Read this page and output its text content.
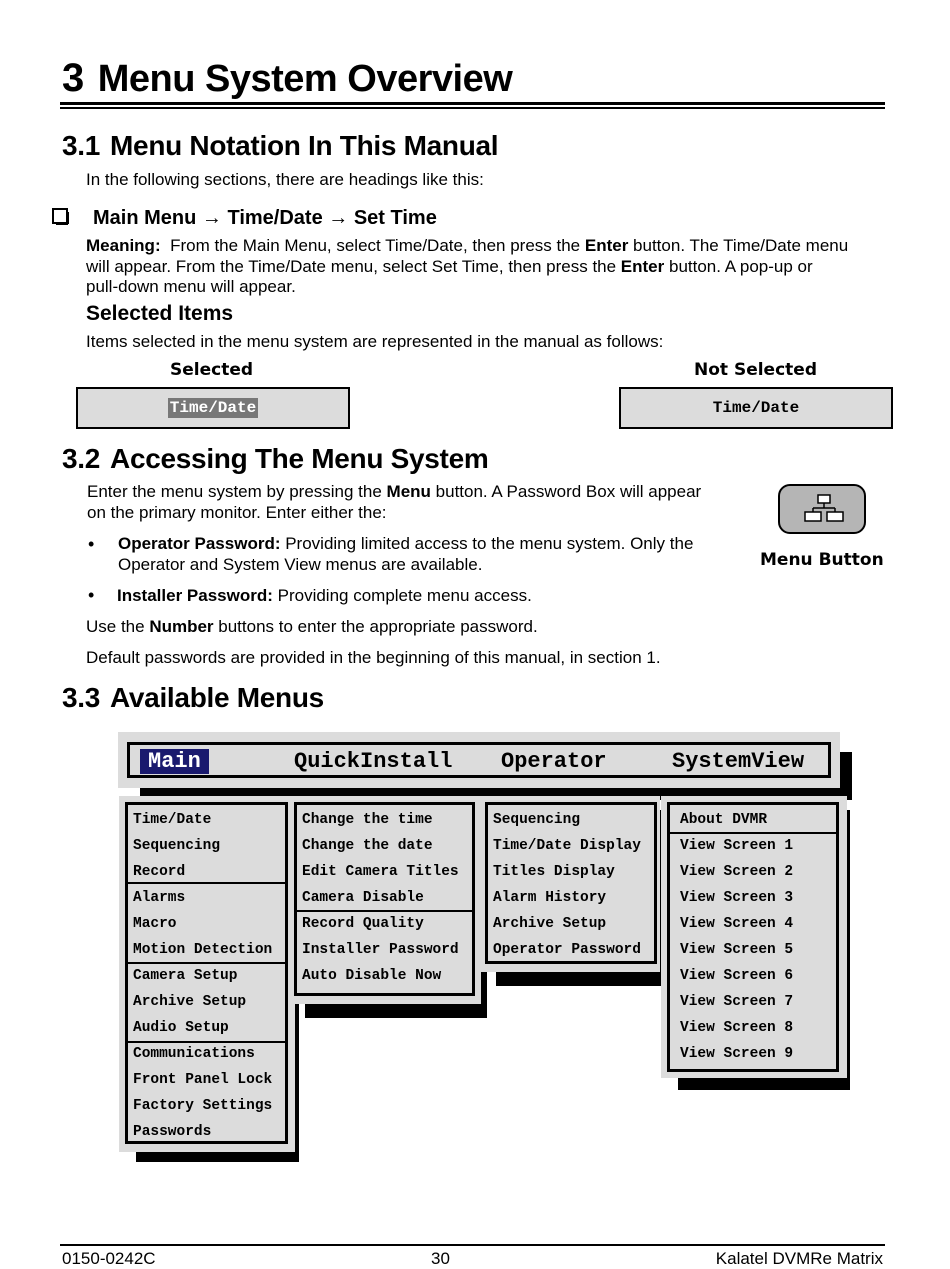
3 Menu System Overview
3.1 Menu Notation In This Manual
In the following sections, there are headings like this:
Main Menu → Time/Date → Set Time
Meaning: From the Main Menu, select Time/Date, then press the Enter button. The Time/Date menu
will appear. From the Time/Date menu, select Set Time, then press the Enter button. A pop-up or
pull-down menu will appear.
Selected Items
Items selected in the menu system are represented in the manual as follows:
Selected	Not Selected
Time/Date	Time/Date
3.2 Accessing The Menu System
Enter the menu system by pressing the Menu button. A Password Box will appear
on the primary monitor. Enter either the:
• Operator Password: Providing limited access to the menu system. Only the
Operator and System View menus are available.
• Installer Password: Providing complete menu access.
Use the Number buttons to enter the appropriate password.
Default passwords are provided in the beginning of this manual, in section 1.
Menu Button
3.3 Available Menus
Main	QuickInstall Operator	SystemView
Time/Date
Sequencing
Record
Alarms
Macro
Motion Detection
Camera Setup
Archive Setup
Audio Setup
Communications
Front Panel Lock
Factory Settings
Passwords
Change the time
Change the date
Edit Camera Titles
Camera Disable
Record Quality
Installer Password
Auto Disable Now
Sequencing
Time/Date Display
Titles Display
Alarm History
Archive Setup
Operator Password
About DVMR
View Screen 1
View Screen 2
View Screen 3
View Screen 4
View Screen 5
View Screen 6
View Screen 7
View Screen 8
View Screen 9
0150-0242C	30	Kalatel DVMRe Matrix
